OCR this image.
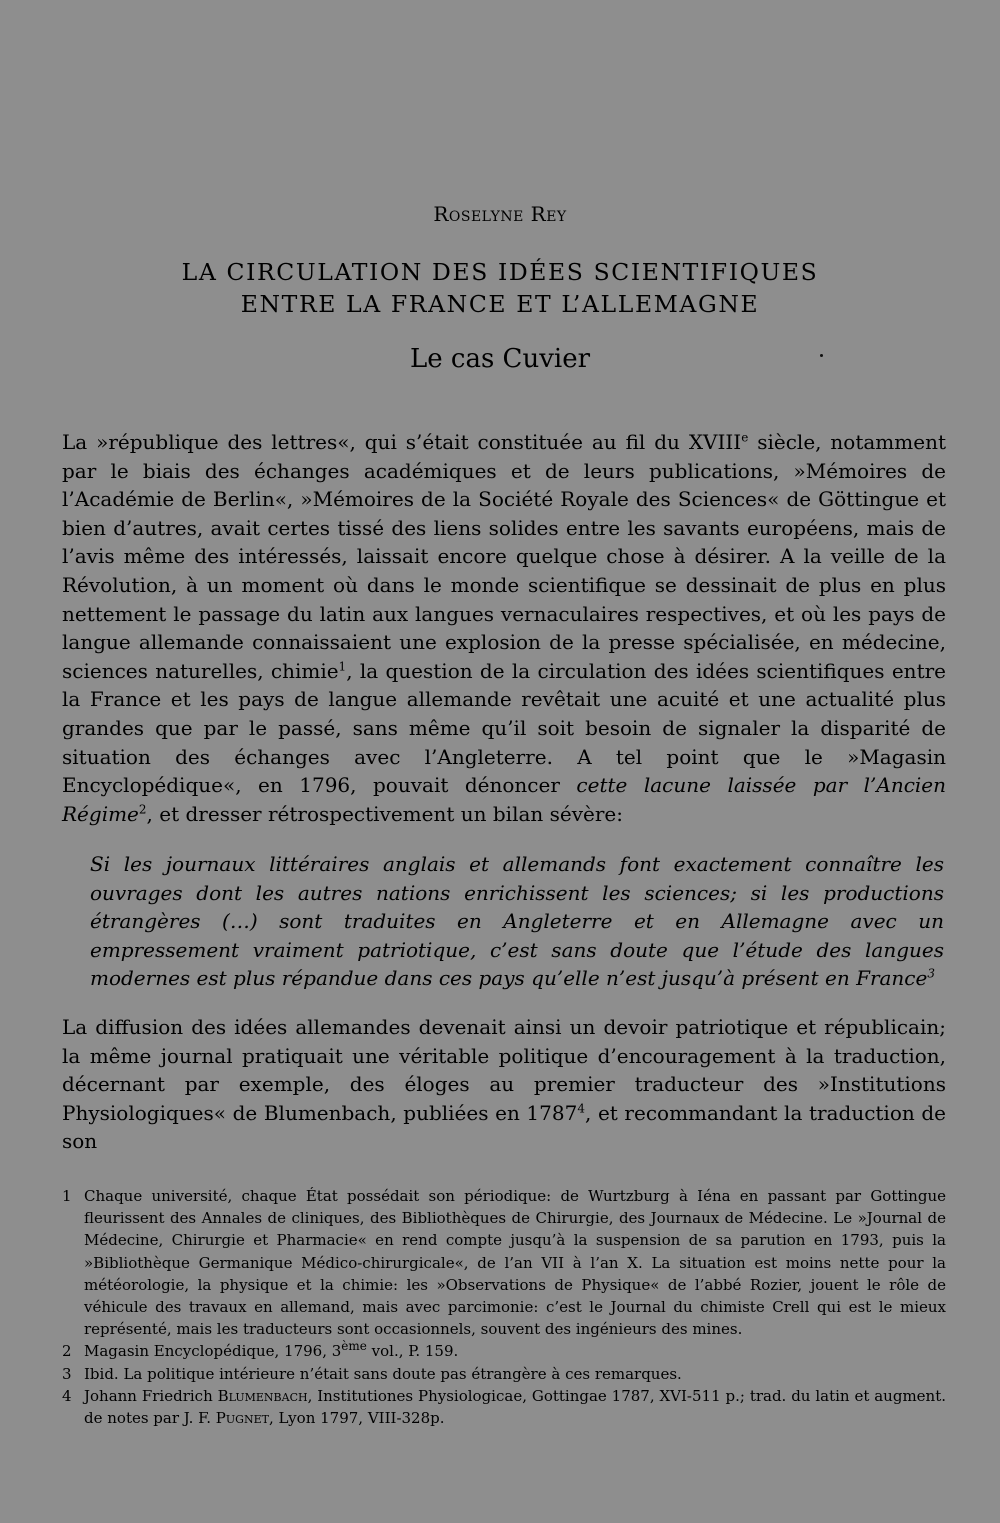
Roselyne Rey
LA CIRCULATION DES IDÉES SCIENTIFIQUES
ENTRE LA FRANCE ET L’ALLEMAGNE
Le cas Cuvier
La »république des lettres«, qui s’était constituée au fil du XVIIIe siècle, notamment par le biais des échanges académiques et de leurs publications, »Mémoires de l’Académie de Berlin«, »Mémoires de la Société Royale des Sciences« de Göttingue et bien d’autres, avait certes tissé des liens solides entre les savants européens, mais de l’avis même des intéressés, laissait encore quelque chose à désirer. A la veille de la Révolution, à un moment où dans le monde scientifique se dessinait de plus en plus nettement le passage du latin aux langues vernaculaires respectives, et où les pays de langue allemande connaissaient une explosion de la presse spécialisée, en médecine, sciences naturelles, chimie$^1$, la question de la circulation des idées scientifiques entre la France et les pays de langue allemande revêtait une acuité et une actualité plus grandes que par le passé, sans même qu’il soit besoin de signaler la disparité de situation des échanges avec l’Angleterre. A tel point que le »Magasin Encyclopédique«, en 1796, pouvait dénoncer cette lacune laissée par l’Ancien Régime$^2$, et dresser rétrospectivement un bilan sévère:
Si les journaux littéraires anglais et allemands font exactement connaître les ouvrages dont les autres nations enrichissent les sciences; si les productions étrangères (…) sont traduites en Angleterre et en Allemagne avec un empressement vraiment patriotique, c’est sans doute que l’étude des langues modernes est plus répandue dans ces pays qu’elle n’est jusqu’à présent en France$^3$
La diffusion des idées allemandes devenait ainsi un devoir patriotique et républicain; la même journal pratiquait une véritable politique d’encouragement à la traduction, décernant par exemple, des éloges au premier traducteur des »Institutions Physiologiques« de Blumenbach, publiées en 1787$^4$, et recommandant la traduction de son
1 Chaque université, chaque État possédait son périodique: de Wurtzburg à Iéna en passant par Gottingue fleurissent des Annales de cliniques, des Bibliothèques de Chirurgie, des Journaux de Médecine. Le »Journal de Médecine, Chirurgie et Pharmacie« en rend compte jusqu’à la suspension de sa parution en 1793, puis la »Bibliothèque Germanique Médico-chirurgicale«, de l’an VII à l’an X. La situation est moins nette pour la météorologie, la physique et la chimie: les »Observations de Physique« de l’abbé Rozier, jouent le rôle de véhicule des travaux en allemand, mais avec parcimonie: c’est le Journal du chimiste Crell qui est le mieux représenté, mais les traducteurs sont occasionnels, souvent des ingénieurs des mines.
2 Magasin Encyclopédique, 1796, 3ème vol., P. 159.
3 Ibid. La politique intérieure n’était sans doute pas étrangère à ces remarques.
4 Johann Friedrich Blumenbach, Institutiones Physiologicae, Gottingae 1787, XVI-511 p.; trad. du latin et augment. de notes par J. F. Pugnet, Lyon 1797, VIII-328p.
